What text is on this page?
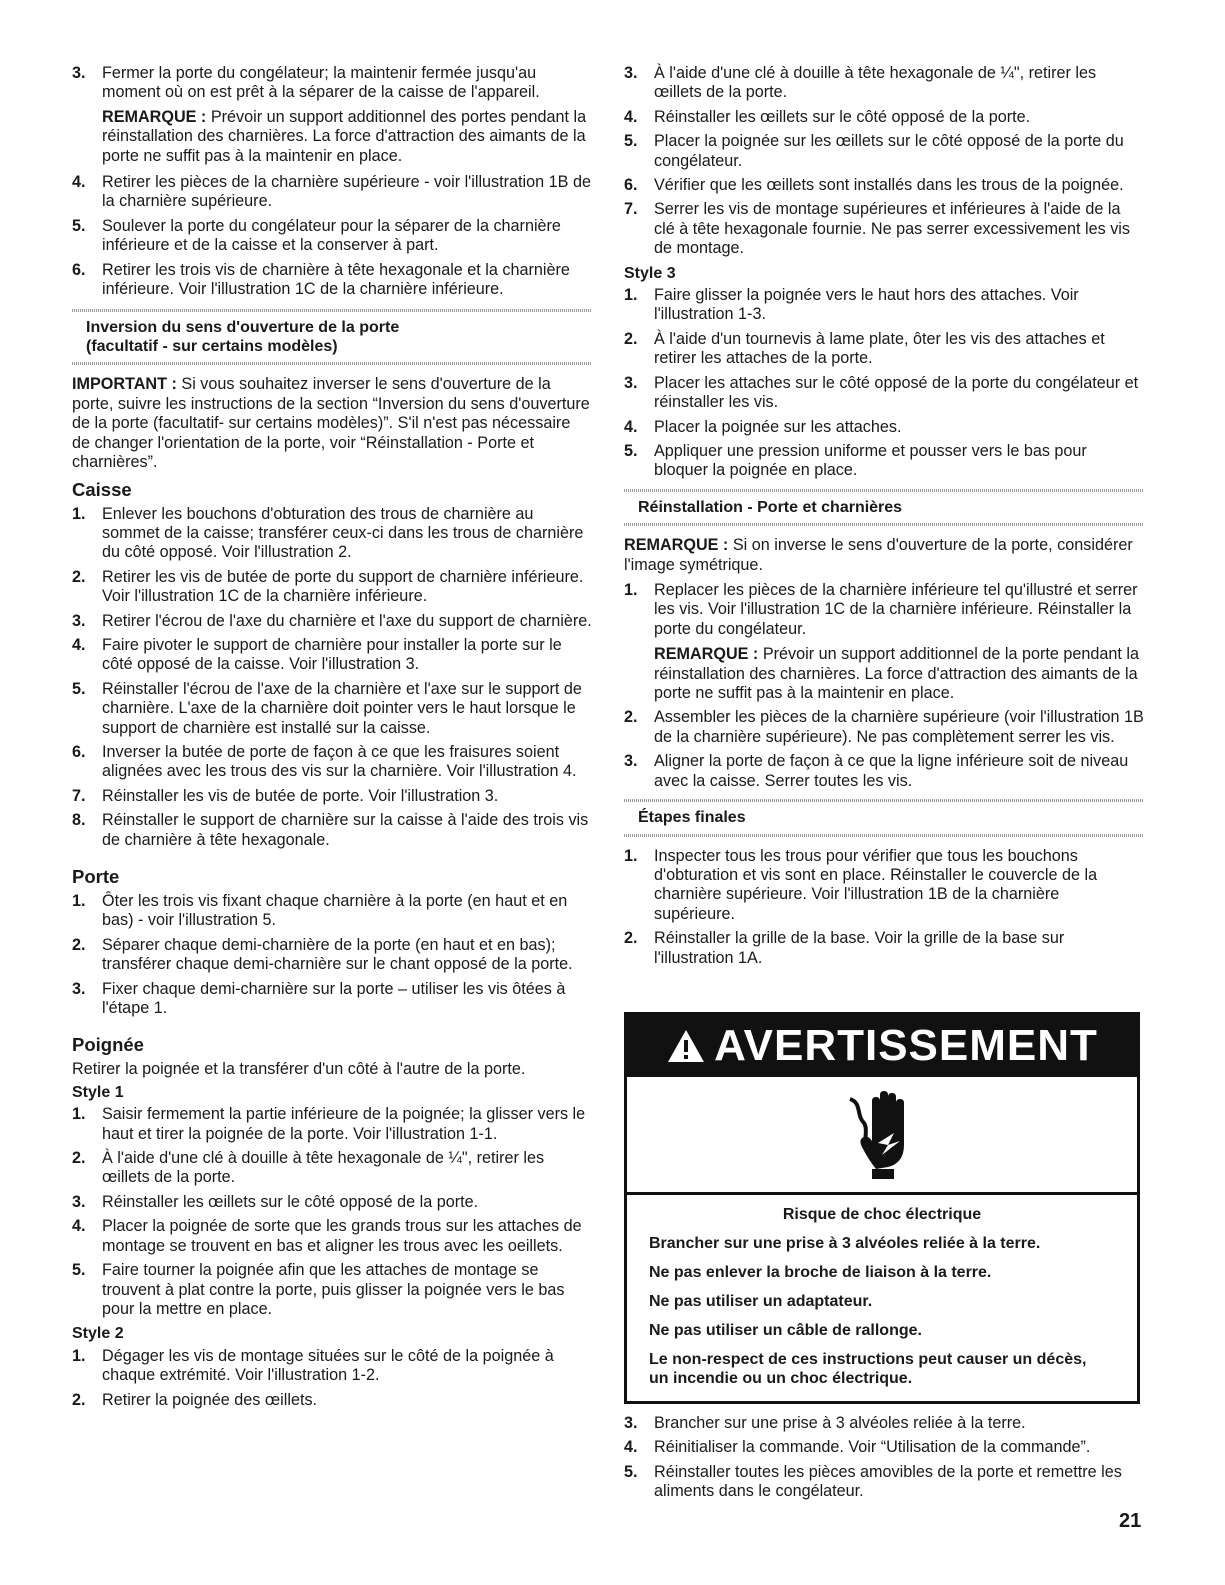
3. Fermer la porte du congélateur; la maintenir fermée jusqu'au moment où on est prêt à la séparer de la caisse de l'appareil.
REMARQUE : Prévoir un support additionnel des portes pendant la réinstallation des charnières. La force d'attraction des aimants de la porte ne suffit pas à la maintenir en place.
4. Retirer les pièces de la charnière supérieure - voir l'illustration 1B de la charnière supérieure.
5. Soulever la porte du congélateur pour la séparer de la charnière inférieure et de la caisse et la conserver à part.
6. Retirer les trois vis de charnière à tête hexagonale et la charnière inférieure. Voir l'illustration 1C de la charnière inférieure.
Inversion du sens d'ouverture de la porte
(facultatif - sur certains modèles)
IMPORTANT : Si vous souhaitez inverser le sens d'ouverture de la porte, suivre les instructions de la section “Inversion du sens d'ouverture de la porte (facultatif- sur certains modèles)”. S'il n'est pas nécessaire de changer l'orientation de la porte, voir “Réinstallation - Porte et charnières”.
Caisse
1. Enlever les bouchons d'obturation des trous de charnière au sommet de la caisse; transférer ceux-ci dans les trous de charnière du côté opposé. Voir l'illustration 2.
2. Retirer les vis de butée de porte du support de charnière inférieure. Voir l'illustration 1C de la charnière inférieure.
3. Retirer l'écrou de l'axe du charnière et l'axe du support de charnière.
4. Faire pivoter le support de charnière pour installer la porte sur le côté opposé de la caisse. Voir l'illustration 3.
5. Réinstaller l'écrou de l'axe de la charnière et l'axe sur le support de charnière. L'axe de la charnière doit pointer vers le haut lorsque le support de charnière est installé sur la caisse.
6. Inverser la butée de porte de façon à ce que les fraisures soient alignées avec les trous des vis sur la charnière. Voir l'illustration 4.
7. Réinstaller les vis de butée de porte. Voir l'illustration 3.
8. Réinstaller le support de charnière sur la caisse à l'aide des trois vis de charnière à tête hexagonale.
Porte
1. Ôter les trois vis fixant chaque charnière à la porte (en haut et en bas) - voir l'illustration 5.
2. Séparer chaque demi-charnière de la porte (en haut et en bas); transférer chaque demi-charnière sur le chant opposé de la porte.
3. Fixer chaque demi-charnière sur la porte – utiliser les vis ôtées à l'étape 1.
Poignée
Retirer la poignée et la transférer d'un côté à l'autre de la porte.
Style 1
1. Saisir fermement la partie inférieure de la poignée; la glisser vers le haut et tirer la poignée de la porte. Voir l'illustration 1-1.
2. À l'aide d'une clé à douille à tête hexagonale de ¼", retirer les œillets de la porte.
3. Réinstaller les œillets sur le côté opposé de la porte.
4. Placer la poignée de sorte que les grands trous sur les attaches de montage se trouvent en bas et aligner les trous avec les oeillets.
5. Faire tourner la poignée afin que les attaches de montage se trouvent à plat contre la porte, puis glisser la poignée vers le bas pour la mettre en place.
Style 2
1. Dégager les vis de montage situées sur le côté de la poignée à chaque extrémité. Voir l'illustration 1-2.
2. Retirer la poignée des œillets.
3. À l'aide d'une clé à douille à tête hexagonale de ¼", retirer les œillets de la porte.
4. Réinstaller les œillets sur le côté opposé de la porte.
5. Placer la poignée sur les œillets sur le côté opposé de la porte du congélateur.
6. Vérifier que les œillets sont installés dans les trous de la poignée.
7. Serrer les vis de montage supérieures et inférieures à l'aide de la clé à tête hexagonale fournie. Ne pas serrer excessivement les vis de montage.
Style 3
1. Faire glisser la poignée vers le haut hors des attaches. Voir l'illustration 1-3.
2. À l'aide d'un tournevis à lame plate, ôter les vis des attaches et retirer les attaches de la porte.
3. Placer les attaches sur le côté opposé de la porte du congélateur et réinstaller les vis.
4. Placer la poignée sur les attaches.
5. Appliquer une pression uniforme et pousser vers le bas pour bloquer la poignée en place.
Réinstallation - Porte et charnières
REMARQUE : Si on inverse le sens d'ouverture de la porte, considérer l'image symétrique.
1. Replacer les pièces de la charnière inférieure tel qu'illustré et serrer les vis. Voir l'illustration 1C de la charnière inférieure. Réinstaller la porte du congélateur.
REMARQUE : Prévoir un support additionnel de la porte pendant la réinstallation des charnières. La force d'attraction des aimants de la porte ne suffit pas à la maintenir en place.
2. Assembler les pièces de la charnière supérieure (voir l'illustration 1B de la charnière supérieure). Ne pas complètement serrer les vis.
3. Aligner la porte de façon à ce que la ligne inférieure soit de niveau avec la caisse. Serrer toutes les vis.
Étapes finales
1. Inspecter tous les trous pour vérifier que tous les bouchons d'obturation et vis sont en place. Réinstaller le couvercle de la charnière supérieure. Voir l'illustration 1B de la charnière supérieure.
2. Réinstaller la grille de la base. Voir la grille de la base sur l'illustration 1A.
AVERTISSEMENT
Risque de choc électrique

Brancher sur une prise à 3 alvéoles reliée à la terre.

Ne pas enlever la broche de liaison à la terre.

Ne pas utiliser un adaptateur.

Ne pas utiliser un câble de rallonge.

Le non-respect de ces instructions peut causer un décès, un incendie ou un choc électrique.

3. Brancher sur une prise à 3 alvéoles reliée à la terre.
4. Réinitialiser la commande. Voir “Utilisation de la commande”.
5. Réinstaller toutes les pièces amovibles de la porte et remettre les aliments dans le congélateur.
21
